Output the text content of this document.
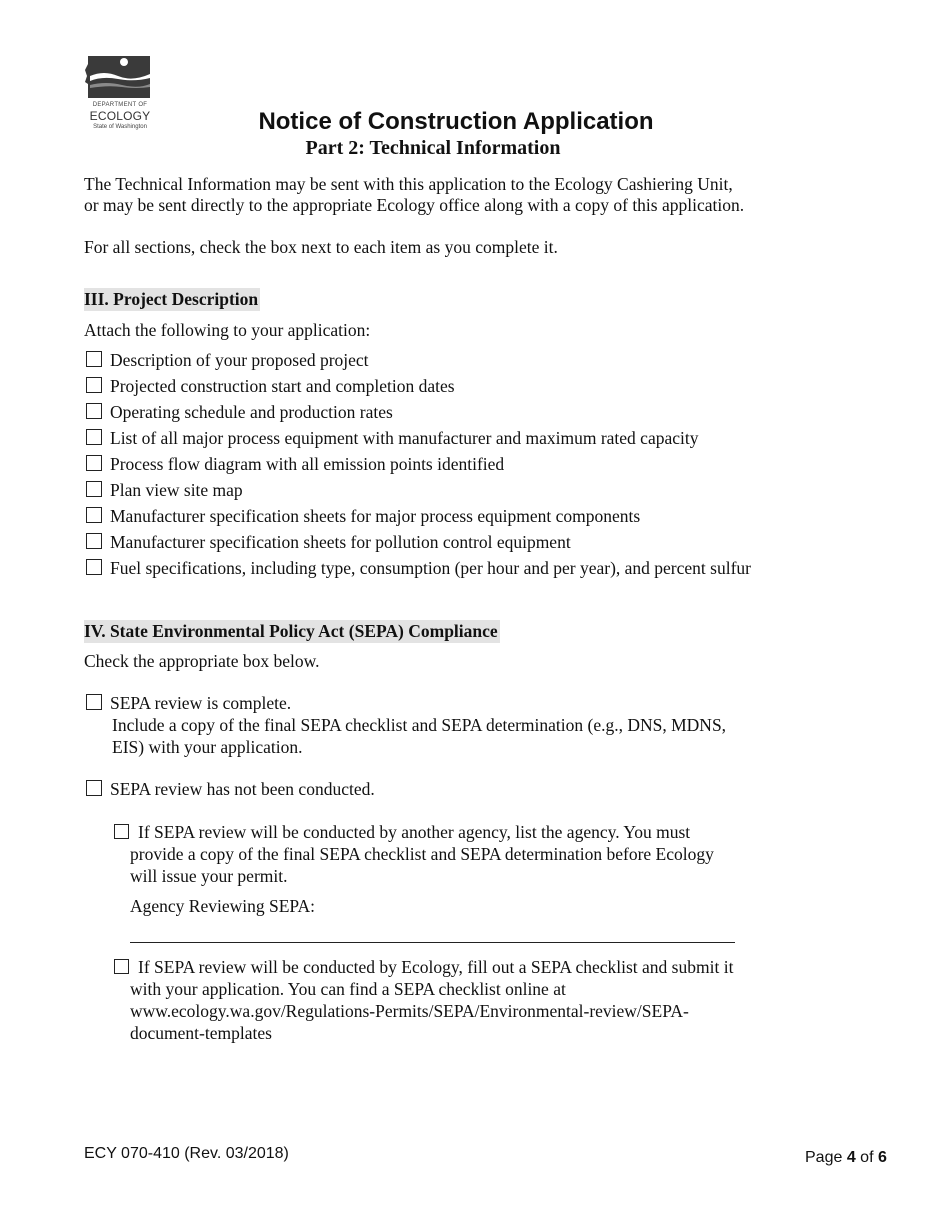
DEPARTMENT OF
ECOLOGY
State of Washington	Notice of Construction Application
Part 2: Technical Information
The Technical Information may be sent with this application to the Ecology Cashiering Unit,
or may be sent directly to the appropriate Ecology office along with a copy of this application.
For all sections, check the box next to each item as you complete it.
III. Project Description
Attach the following to your application:
Description of your proposed project
Projected construction start and completion dates
Operating schedule and production rates
List of all major process equipment with manufacturer and maximum rated capacity
Process flow diagram with all emission points identified
Plan view site map
Manufacturer specification sheets for major process equipment components
Manufacturer specification sheets for pollution control equipment
Fuel specifications, including type, consumption (per hour and per year), and percent sulfur
IV. State Environmental Policy Act (SEPA) Compliance
Check the appropriate box below.
SEPA review is complete.
Include a copy of the final SEPA checklist and SEPA determination (e.g., DNS, MDNS,
EIS) with your application.
SEPA review has not been conducted.
If SEPA review will be conducted by another agency, list the agency. You must
provide a copy of the final SEPA checklist and SEPA determination before Ecology
will issue your permit.
Agency Reviewing SEPA:
If SEPA review will be conducted by Ecology, fill out a SEPA checklist and submit it
with your application. You can find a SEPA checklist online at
www.ecology.wa.gov/Regulations-Permits/SEPA/Environmental-review/SEPA-
document-templates
ECY 070-410 (Rev. 03/2018)	Page 4 of 6
